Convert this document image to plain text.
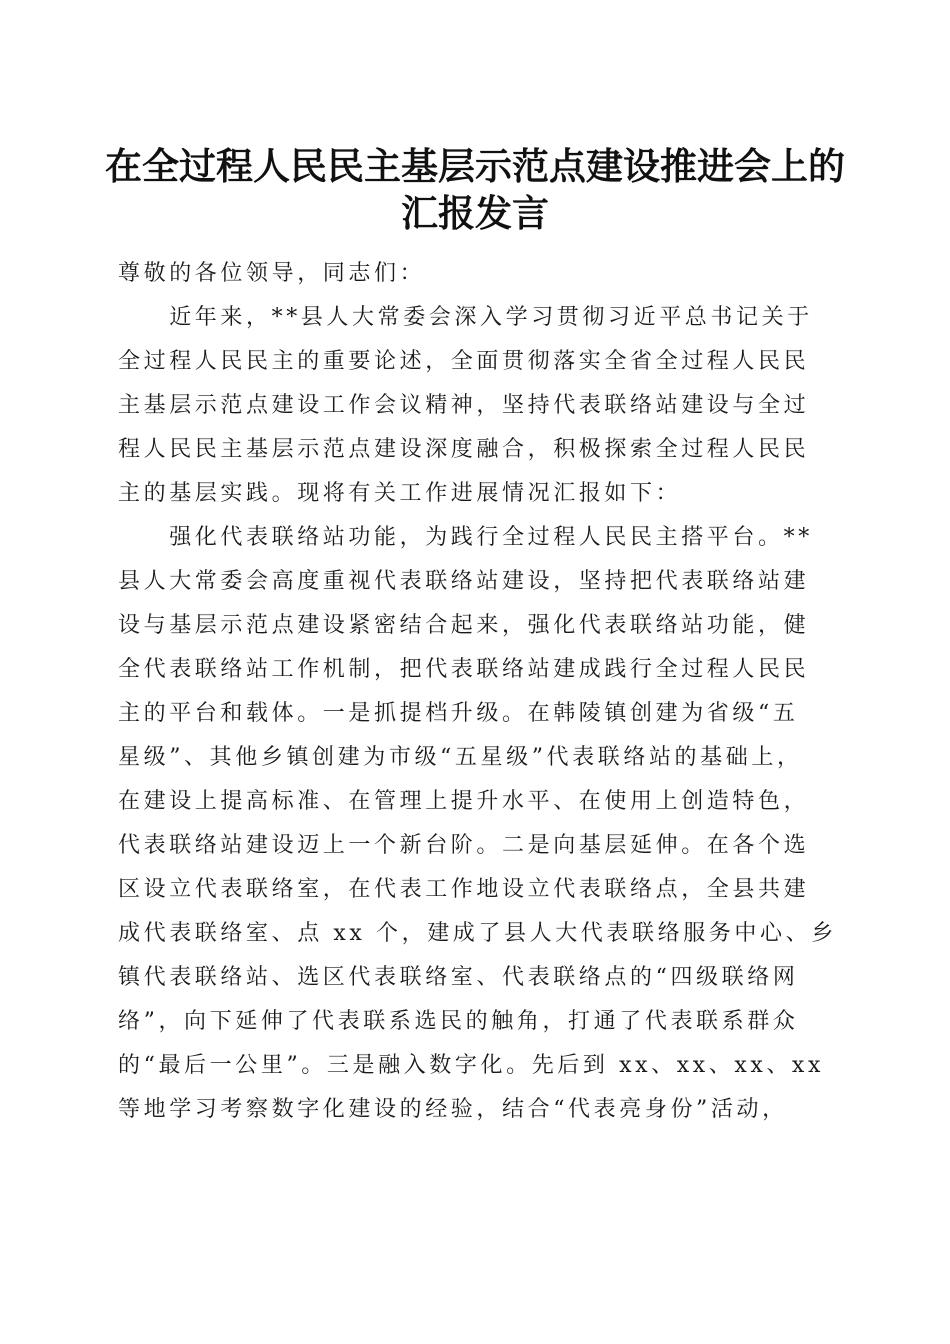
在全过程人民民主基层示范点建设推进会上的
汇报发言
尊敬的各位领导，同志们：
　　近年来，**县人大常委会深入学习贯彻习近平总书记关于
全过程人民民主的重要论述，全面贯彻落实全省全过程人民民
主基层示范点建设工作会议精神，坚持代表联络站建设与全过
程人民民主基层示范点建设深度融合，积极探索全过程人民民
主的基层实践。现将有关工作进展情况汇报如下：
　　强化代表联络站功能，为践行全过程人民民主搭平台。**
县人大常委会高度重视代表联络站建设，坚持把代表联络站建
设与基层示范点建设紧密结合起来，强化代表联络站功能，健
全代表联络站工作机制，把代表联络站建成践行全过程人民民
主的平台和载体。一是抓提档升级。在韩陵镇创建为省级“五
星级”、其他乡镇创建为市级“五星级”代表联络站的基础上，
在建设上提高标准、在管理上提升水平、在使用上创造特色，
代表联络站建设迈上一个新台阶。二是向基层延伸。在各个选
区设立代表联络室，在代表工作地设立代表联络点，全县共建
成代表联络室、点 xx 个，建成了县人大代表联络服务中心、乡
镇代表联络站、选区代表联络室、代表联络点的“四级联络网
络”，向下延伸了代表联系选民的触角，打通了代表联系群众
的“最后一公里”。三是融入数字化。先后到 xx、xx、xx、xx
等地学习考察数字化建设的经验，结合“代表亮身份”活动，
